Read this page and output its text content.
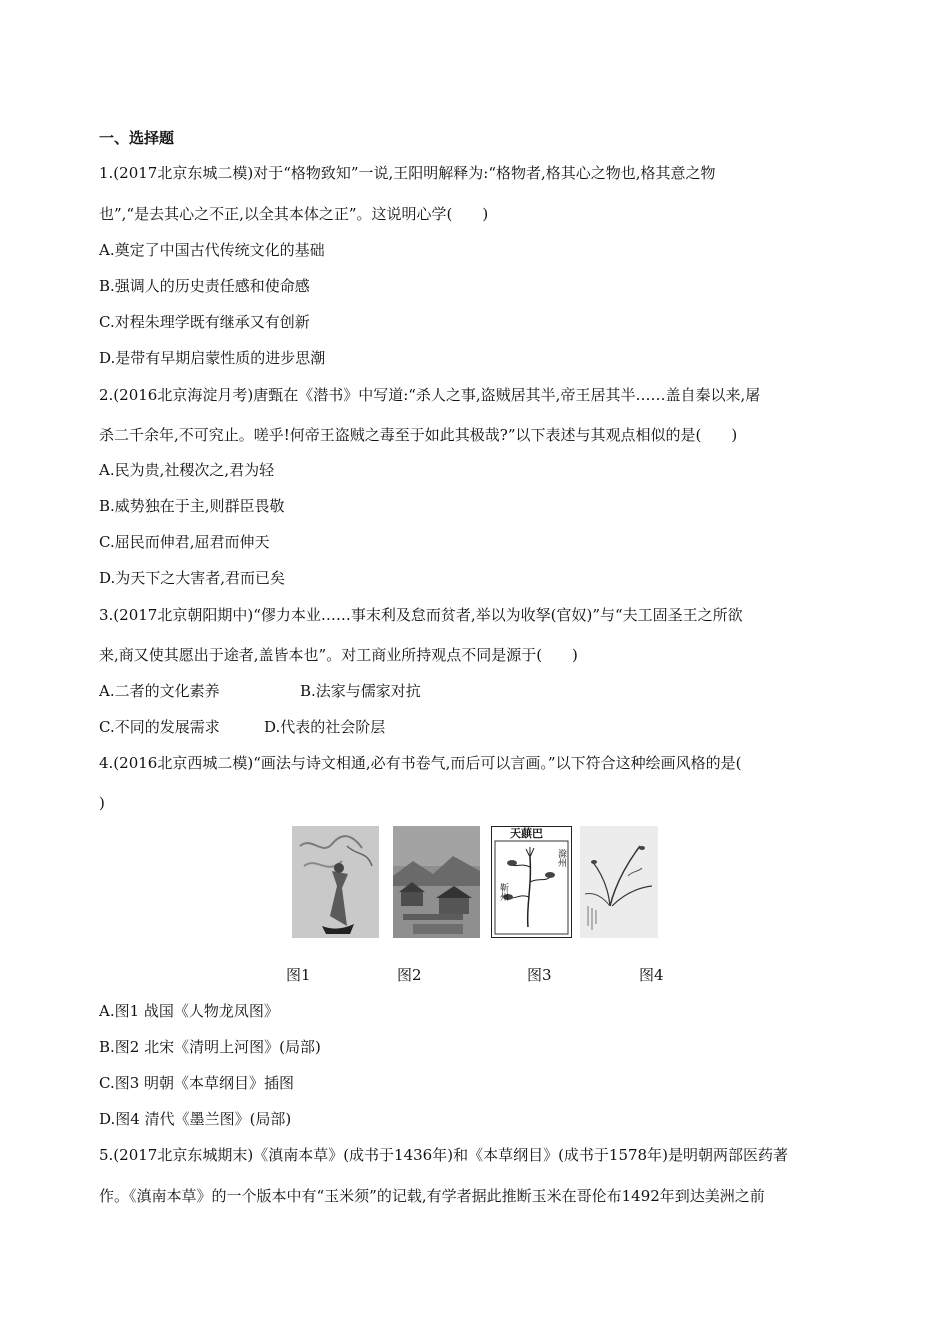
一、选择题
1.(2017北京东城二模)对于“格物致知”一说,王阳明解释为:“格物者,格其心之物也,格其意之物
也”,“是去其心之不正,以全其本体之正”。这说明心学(　　)
A.奠定了中国古代传统文化的基础
B.强调人的历史责任感和使命感
C.对程朱理学既有继承又有创新
D.是带有早期启蒙性质的进步思潮
2.(2016北京海淀月考)唐甄在《潜书》中写道:“杀人之事,盗贼居其半,帝王居其半……盖自秦以来,屠
杀二千余年,不可究止。嗟乎!何帝王盗贼之毒至于如此其极哉?”以下表述与其观点相似的是(　　)
A.民为贵,社稷次之,君为轻
B.威势独在于主,则群臣畏敬
C.屈民而伸君,屈君而伸天
D.为天下之大害者,君而已矣
3.(2017北京朝阳期中)“僇力本业……事末利及怠而贫者,举以为收孥(官奴)”与“夫工固圣王之所欲
来,商又使其愿出于途者,盖皆本也”。对工商业所持观点不同是源于(　　)
A.二者的文化素养	B.法家与儒家对抗
C.不同的发展需求	D.代表的社会阶层
4.(2016北京西城二模)“画法与诗文相通,必有书卷气,而后可以言画。”以下符合这种绘画风格的是(
)
天蕻巴
滁州
靳州
图1	图2	图3	图4
A.图1 战国《人物龙凤图》
B.图2 北宋《清明上河图》(局部)
C.图3 明朝《本草纲目》插图
D.图4 清代《墨兰图》(局部)
5.(2017北京东城期末)《滇南本草》(成书于1436年)和《本草纲目》(成书于1578年)是明朝两部医药著
作。《滇南本草》的一个版本中有“玉米须”的记载,有学者据此推断玉米在哥伦布1492年到达美洲之前
